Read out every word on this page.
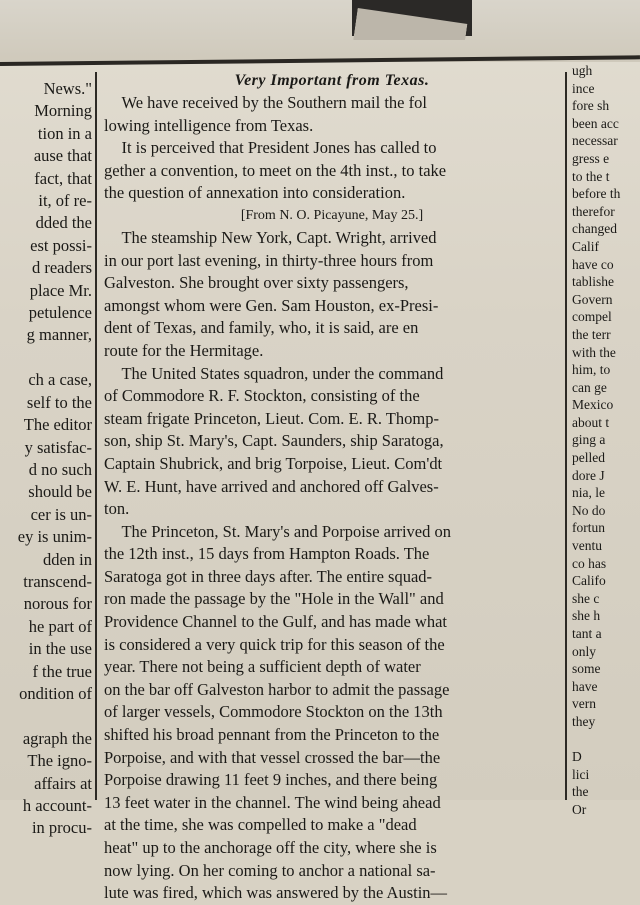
News."
Morning
tion in a
ause that
fact, that
it, of re-
dded the
est possi-
d readers
place Mr.
petulence
g manner,

ch a case,
self to the
The editor
y satisfac-
d no such
should be
cer is un-
ey is unim-
dden in
transcend-
norous for
he part of
in the use
f the true
ondition of

agraph the
The igno-
affairs at
h account-
in procu-
Very Important from Texas.
We have received by the Southern mail the fol
lowing intelligence from Texas.
It is perceived that President Jones has called to
gether a convention, to meet on the 4th inst., to take
the question of annexation into consideration.
[From N. O. Picayune, May 25.]
The steamship New York, Capt. Wright, arrived
in our port last evening, in thirty-three hours from
Galveston. She brought over sixty passengers,
amongst whom were Gen. Sam Houston, ex-Presi-
dent of Texas, and family, who, it is said, are en
route for the Hermitage.
The United States squadron, under the command
of Commodore R. F. Stockton, consisting of the
steam frigate Princeton, Lieut. Com. E. R. Thomp-
son, ship St. Mary's, Capt. Saunders, ship Saratoga,
Captain Shubrick, and brig Torpoise, Lieut. Com'dt
W. E. Hunt, have arrived and anchored off Galves-
ton.
The Princeton, St. Mary's and Porpoise arrived on
the 12th inst., 15 days from Hampton Roads. The
Saratoga got in three days after. The entire squad-
ron made the passage by the "Hole in the Wall" and
Providence Channel to the Gulf, and has made what
is considered a very quick trip for this season of the
year. There not being a sufficient depth of water
on the bar off Galveston harbor to admit the passage
of larger vessels, Commodore Stockton on the 13th
shifted his broad pennant from the Princeton to the
Porpoise, and with that vessel crossed the bar—the
Porpoise drawing 11 feet 9 inches, and there being
13 feet water in the channel. The wind being ahead
at the time, she was compelled to make a "dead
heat" up to the anchorage off the city, where she is
now lying. On her coming to anchor a national sa-
lute was fired, which was answered by the Austin—
ugh
ince
fore sh
been acc
necessar
gress e
to the t
before th
therefor
changed
Calif
have co
tablishe
Govern
compel
the terr
with the
him, to
can ge
Mexico
about t
ging a
pelled
dore J
nia, le
No do
fortun
ventu
co has
Califo
she c
she h
tant a
only
some
have
vern
they

D
lici
the
Or
